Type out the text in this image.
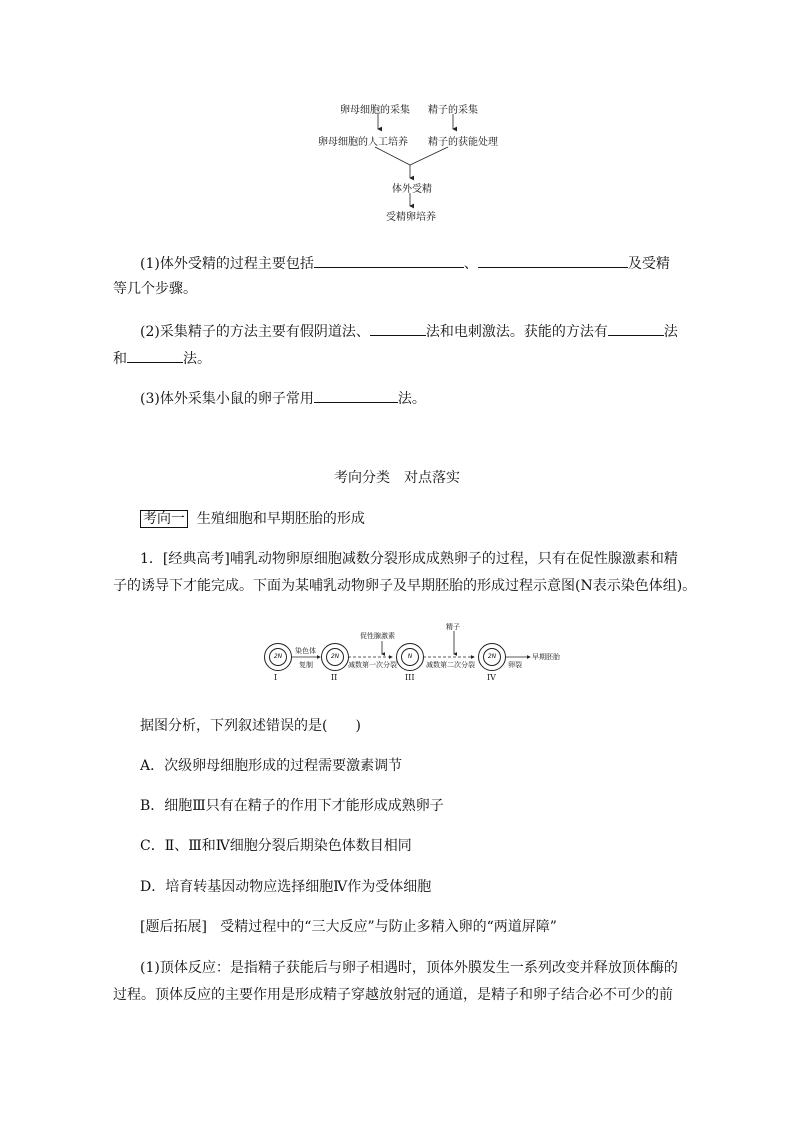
卵母细胞的采集 精子的采集
卵母细胞的人工培养 精子的获能处理
体外受精
受精卵培养
(1)体外受精的过程主要包括	、	及受精
等几个步骤。
(2)采集精子的方法主要有假阴道法、	法和电刺激法。获能的方法有	法
和	法。
(3)体外采集小鼠的卵子常用	法。
考向分类　对点落实
考向一 生殖细胞和早期胚胎的形成
1．[经典高考]哺乳动物卵原细胞减数分裂形成成熟卵子的过程，只有在促性腺激素和精
子的诱导下才能完成。下面为某哺乳动物卵子及早期胚胎的形成过程示意图(N表示染色体组)。
2N	2N	N	2N
I	II	III	IV
染色体
复制
促性腺激素
减数第一次分裂
精子
减数第二次分裂	卵裂
早期胚胎
据图分析，下列叙述错误的是(　　)
A．次级卵母细胞形成的过程需要激素调节
B．细胞Ⅲ只有在精子的作用下才能形成成熟卵子
C．Ⅱ、Ⅲ和Ⅳ细胞分裂后期染色体数目相同
D．培育转基因动物应选择细胞Ⅳ作为受体细胞
[题后拓展] 受精过程中的“三大反应”与防止多精入卵的“两道屏障”
(1)顶体反应：是指精子获能后与卵子相遇时，顶体外膜发生一系列改变并释放顶体酶的
过程。顶体反应的主要作用是形成精子穿越放射冠的通道，是精子和卵子结合必不可少的前
